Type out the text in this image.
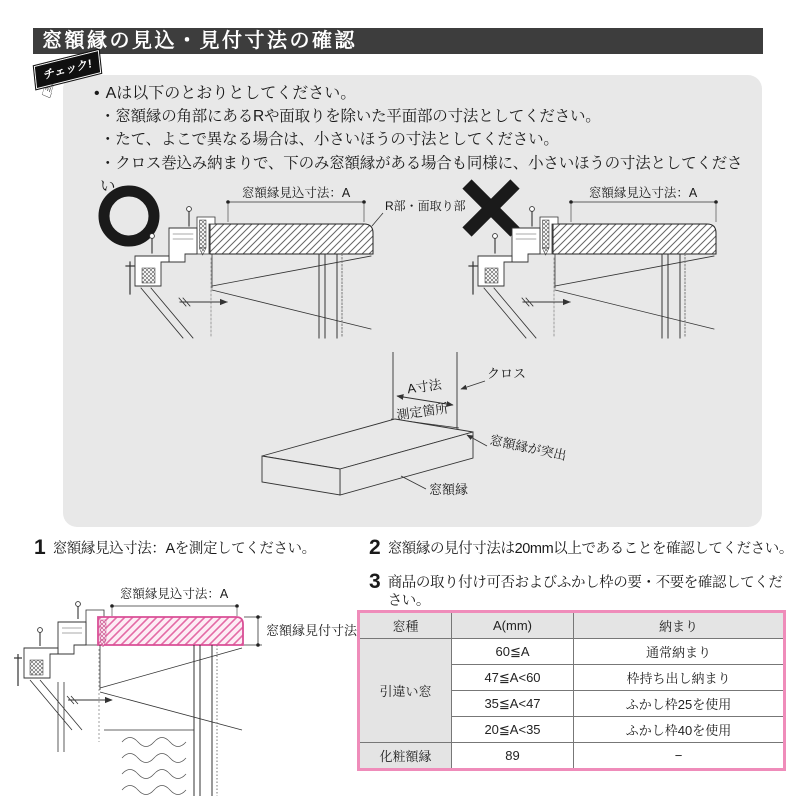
窓額縁の見込・見付寸法の確認
チェック!
☝ • Aは以下のとおりとしてください。
・窓額縁の角部にあるRや面取りを除いた平面部の寸法としてください。
・たて、よこで異なる場合は、小さいほうの寸法としてください。
・クロス巻込み納まりで、下のみ窓額縁がある場合も同様に、小さいほうの寸法としてください。	窓額縁見込寸法：A
R部・面取り部
窓額縁見込寸法：A
A寸法
測定箇所
クロス
窓額縁が突出
窓額縁
1 窓額縁見込寸法：Aを測定してください。	2 窓額縁の見付寸法は20mm以上であることを確認してください。
3 商品の取り付け可否およびふかし枠の要・不要を確認してください。
窓額縁見込寸法：A
窓額縁見付寸法	窓種	A(mm)	納まり
引違い窓	60≦A	通常納まり
	47≦A<60	枠持ち出し納まり
	35≦A<47	ふかし枠25を使用
	20≦A<35	ふかし枠40を使用
化粧額縁	89	−
